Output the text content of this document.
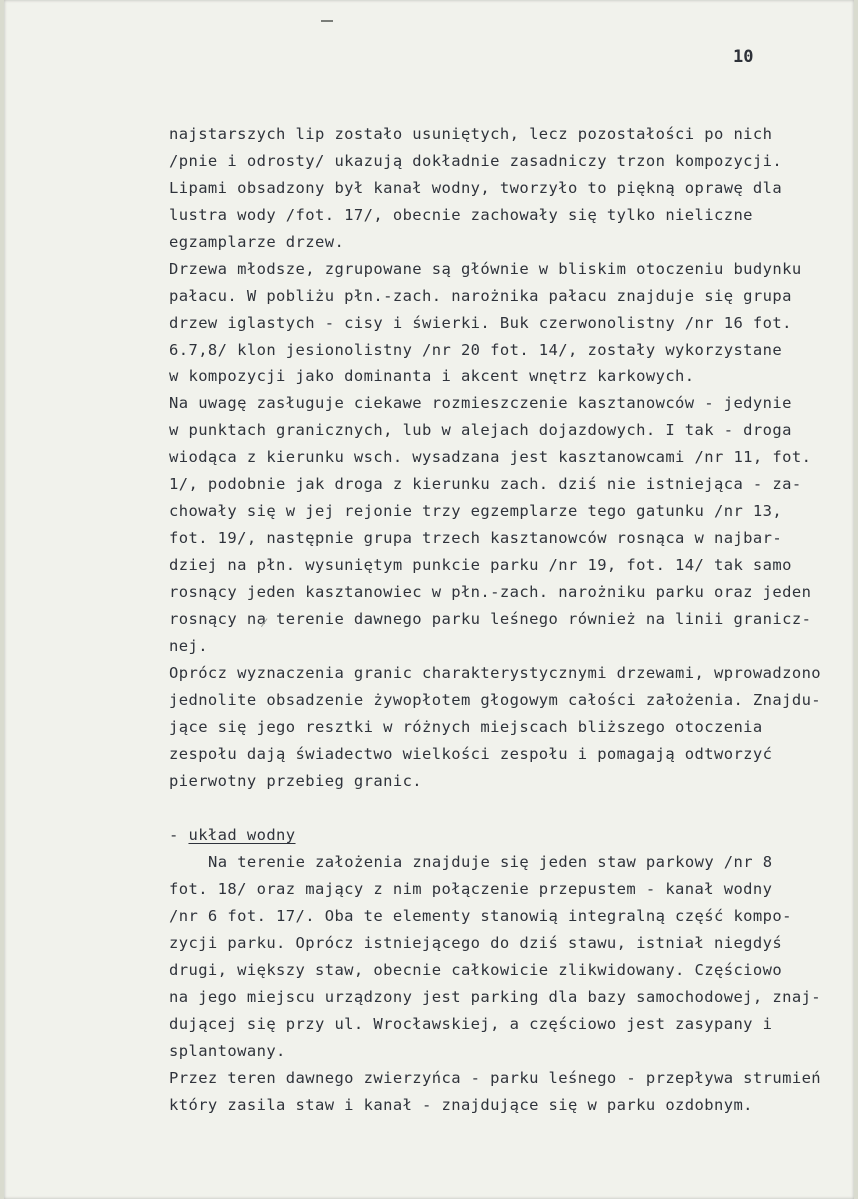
10
najstarszych lip zostało usuniętych, lecz pozostałości po nich
/pnie i odrosty/ ukazują dokładnie zasadniczy trzon kompozycji.
Lipami obsadzony był kanał wodny, tworzyło to piękną oprawę dla
lustra wody /fot. 17/, obecnie zachowały się tylko nieliczne
egzamplarze drzew.
Drzewa młodsze, zgrupowane są głównie w bliskim otoczeniu budynku
pałacu. W pobliżu płn.-zach. narożnika pałacu znajduje się grupa
drzew iglastych - cisy i świerki. Buk czerwonolistny /nr 16 fot.
6.7,8/ klon jesionolistny /nr 20 fot. 14/, zostały wykorzystane
w kompozycji jako dominanta i akcent wnętrz karkowych.
Na uwagę zasługuje ciekawe rozmieszczenie kasztanowców - jedynie
w punktach granicznych, lub w alejach dojazdowych. I tak - droga
wiodąca z kierunku wsch. wysadzana jest kasztanowcami /nr 11, fot.
1/, podobnie jak droga z kierunku zach. dziś nie istniejąca - za-
chowały się w jej rejonie trzy egzemplarze tego gatunku /nr 13,
fot. 19/, następnie grupa trzech kasztanowców rosnąca w najbar-
dziej na płn. wysuniętym punkcie parku /nr 19, fot. 14/ tak samo
rosnący jeden kasztanowiec w płn.-zach. narożniku parku oraz jeden
rosnący na terenie dawnego parku leśnego również na linii granicz-
nej.
Oprócz wyznaczenia granic charakterystycznymi drzewami, wprowadzono
jednolite obsadzenie żywopłotem głogowym całości założenia. Znajdu-
jące się jego resztki w różnych miejscach bliższego otoczenia
zespołu dają świadectwo wielkości zespołu i pomagają odtworzyć
pierwotny przebieg granic.
- układ wodny
Na terenie założenia znajduje się jeden staw parkowy /nr 8
fot. 18/ oraz mający z nim połączenie przepustem - kanał wodny
/nr 6 fot. 17/. Oba te elementy stanowią integralną część kompo-
zycji parku. Oprócz istniejącego do dziś stawu, istniał niegdyś
drugi, większy staw, obecnie całkowicie zlikwidowany. Częściowo
na jego miejscu urządzony jest parking dla bazy samochodowej, znaj-
dującej się przy ul. Wrocławskiej, a częściowo jest zasypany i
splantowany.
Przez teren dawnego zwierzyńca - parku leśnego - przepływa strumień
który zasila staw i kanał - znajdujące się w parku ozdobnym.
